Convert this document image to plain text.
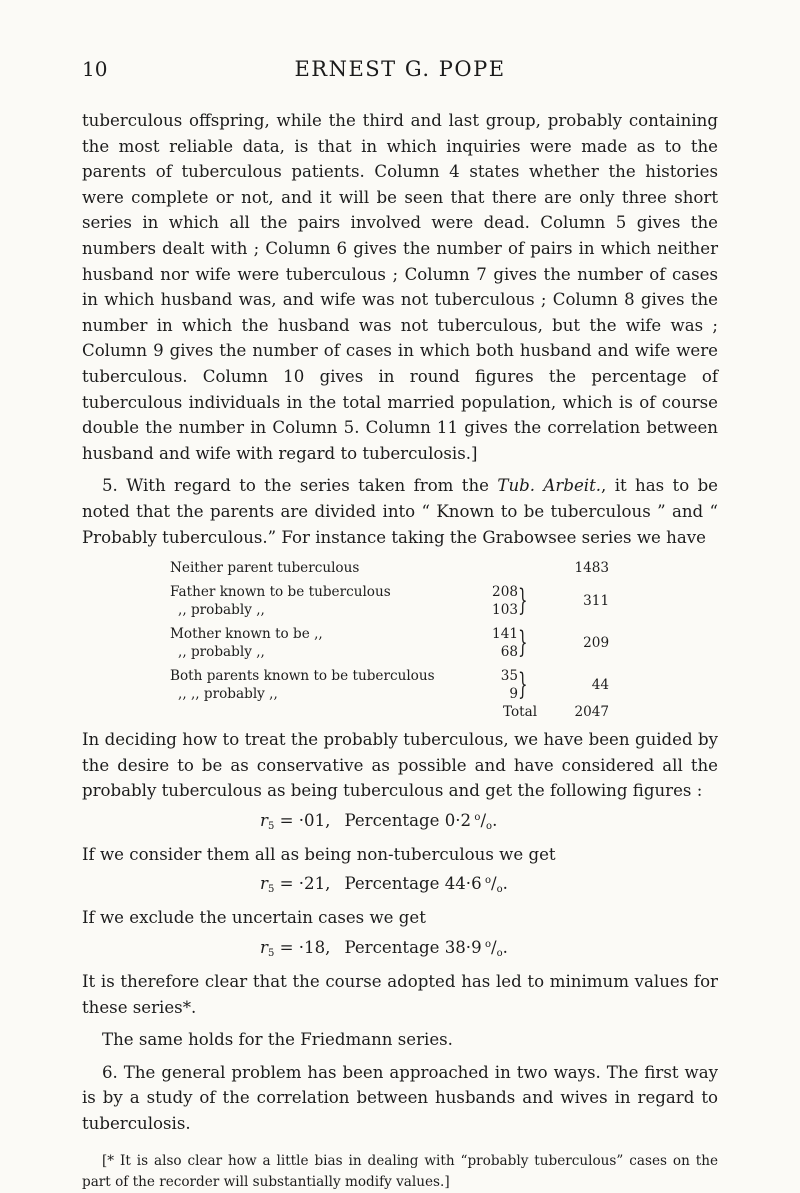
10	ERNEST G. POPE

tuberculous offspring, while the third and last group, probably containing the most reliable data, is that in which inquiries were made as to the parents of tuberculous patients. Column 4 states whether the histories were complete or not, and it will be seen that there are only three short series in which all the pairs involved were dead. Column 5 gives the numbers dealt with ; Column 6 gives the number of pairs in which neither husband nor wife were tuberculous ; Column 7 gives the number of cases in which husband was, and wife was not tuberculous ; Column 8 gives the number in which the husband was not tuberculous, but the wife was ; Column 9 gives the number of cases in which both husband and wife were tuberculous. Column 10 gives in round figures the percentage of tuberculous individuals in the total married population, which is of course double the number in Column 5. Column 11 gives the correlation between husband and wife with regard to tuberculosis.]

5. With regard to the series taken from the Tub. Arbeit., it has to be noted that the parents are divided into “ Known to be tuberculous ” and “ Probably tuberculous.” For instance taking the Grabowsee series we have

Neither parent tuberculous			1483

Father known to be tuberculous	208	}	311
,, probably ,,	103		

Mother known to be ,,	141	}	209
,, probably ,,	68		

Both parents known to be tuberculous	35	}	44
,, ,, probably ,,	9		
	Total		2047

In deciding how to treat the probably tuberculous, we have been guided by the desire to be as conservative as possible and have considered all the probably tuberculous as being tuberculous and get the following figures :

$r_5 = \cdot 01$, Percentage 0·2  $^o/_o$.

If we consider them all as being non-tuberculous we get

$r_5 = \cdot 21$, Percentage 44·6  $^o/_o$.

If we exclude the uncertain cases we get

$r_5 = \cdot 18$, Percentage 38·9  $^o/_o$.

It is therefore clear that the course adopted has led to minimum values for these series*.

The same holds for the Friedmann series.

6. The general problem has been approached in two ways. The first way is by a study of the correlation between husbands and wives in regard to tuberculosis.

[* It is also clear how a little bias in dealing with “probably tuberculous” cases on the part of the recorder will substantially modify values.]
